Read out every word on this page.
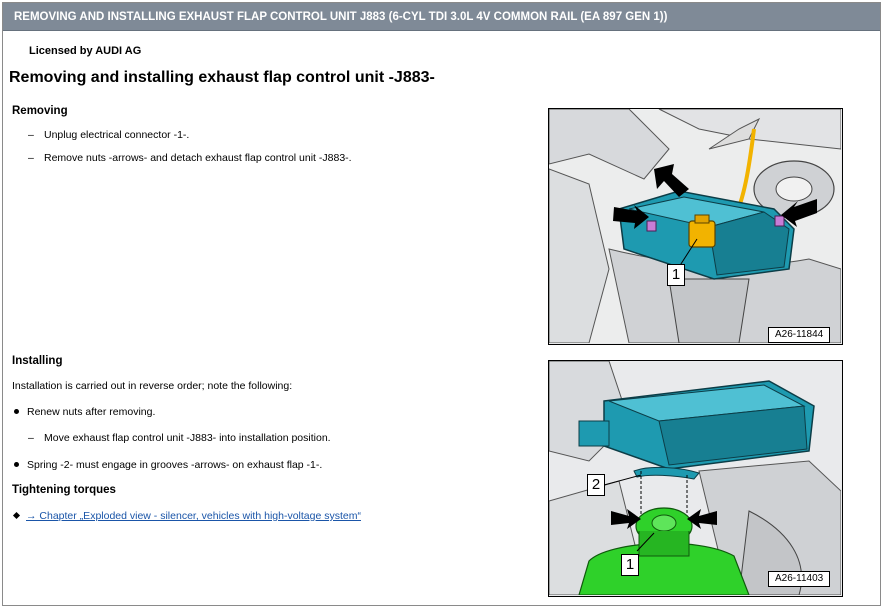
REMOVING AND INSTALLING EXHAUST FLAP CONTROL UNIT J883 (6-CYL TDI 3.0L 4V COMMON RAIL (EA 897 GEN 1))
Licensed by AUDI AG
Removing and installing exhaust flap control unit -J883-
Removing
– Unplug electrical connector -1-.
– Remove nuts -arrows- and detach exhaust flap control unit -J883-.
Installing
Installation is carried out in reverse order; note the following:
Renew nuts after removing.
– Move exhaust flap control unit -J883- into installation position.
Spring -2- must engage in grooves -arrows- on exhaust flap -1-.
Tightening torques
→ Chapter „Exploded view - silencer, vehicles with high-voltage system“
1
A26-11844
2
1
A26-11403
